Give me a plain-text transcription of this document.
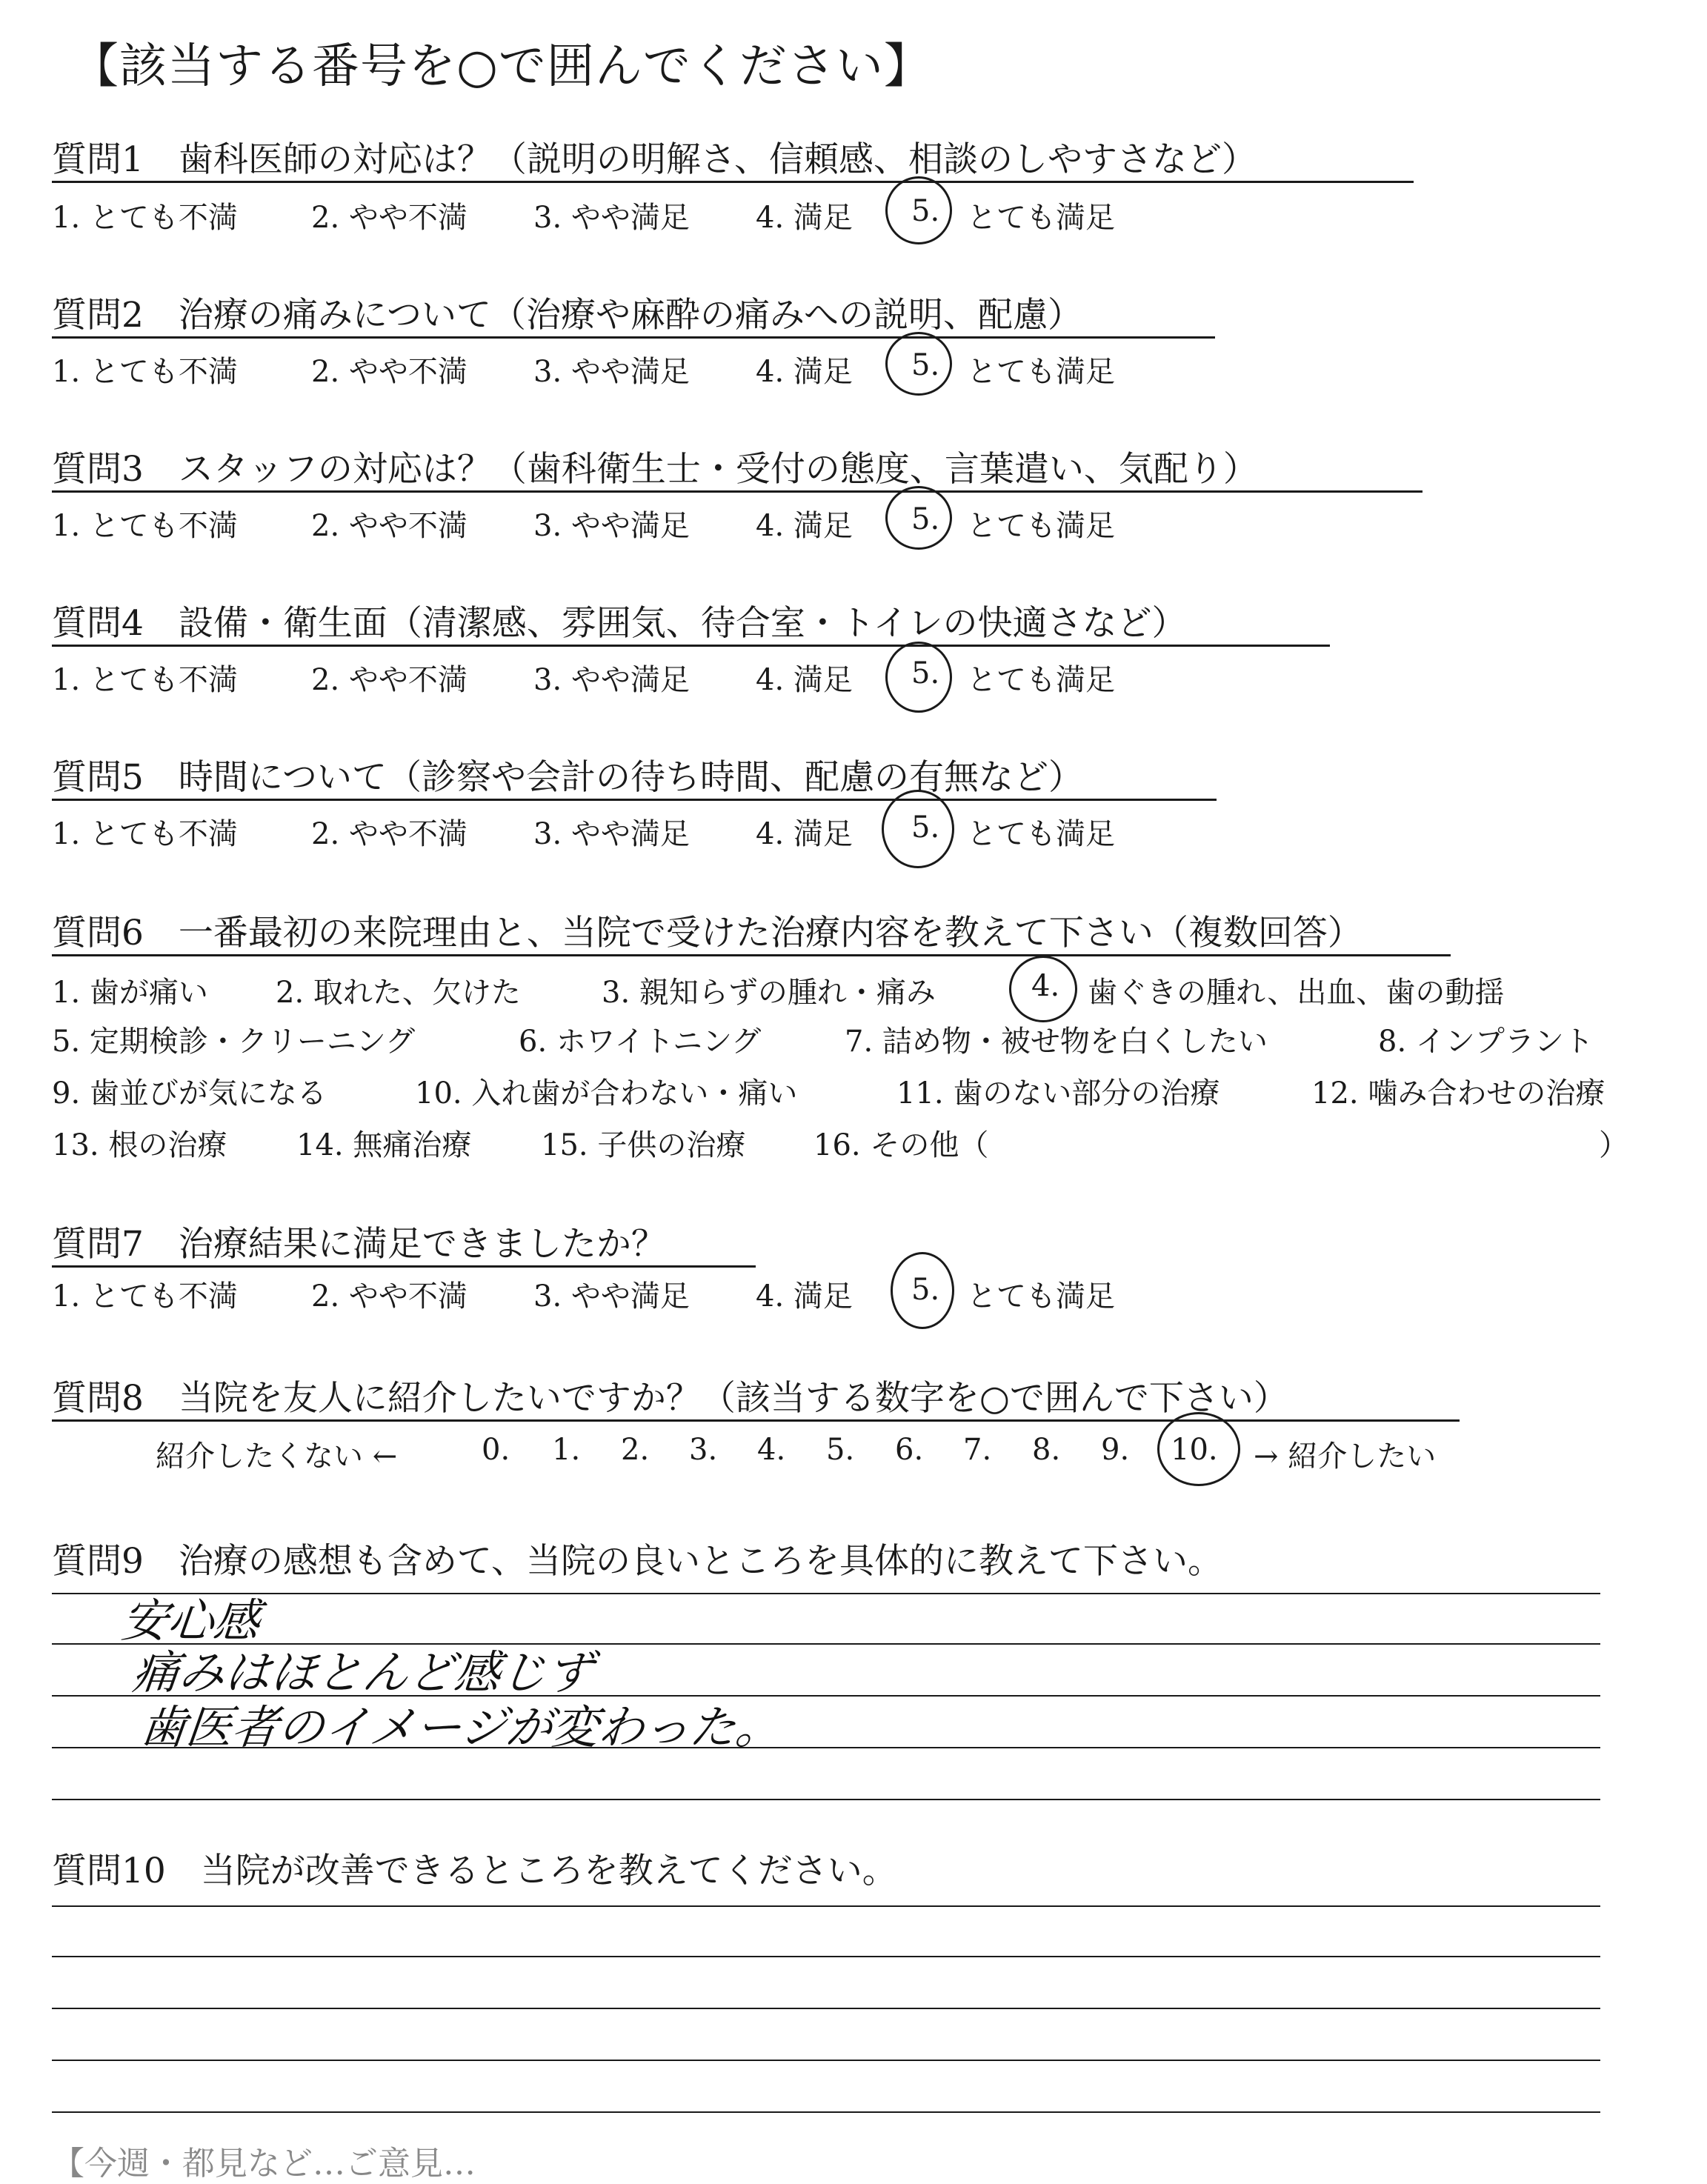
【該当する番号を○で囲んでください】
質問1　歯科医師の対応は？（説明の明解さ、信頼感、相談のしやすさなど）
1. とても不満 2. やや不満 3. やや満足 4. 満足 5. とても満足
質問2　治療の痛みについて（治療や麻酔の痛みへの説明、配慮）
1. とても不満 2. やや不満 3. やや満足 4. 満足 5. とても満足
質問3　スタッフの対応は？（歯科衛生士・受付の態度、言葉遣い、気配り）
1. とても不満 2. やや不満 3. やや満足 4. 満足 5. とても満足
質問4　設備・衛生面（清潔感、雰囲気、待合室・トイレの快適さなど）
1. とても不満 2. やや不満 3. やや満足 4. 満足 5. とても満足
質問5　時間について（診察や会計の待ち時間、配慮の有無など）
1. とても不満 2. やや不満 3. やや満足 4. 満足 5. とても満足
質問6　一番最初の来院理由と、当院で受けた治療内容を教えて下さい（複数回答）
1. 歯が痛い 2. 取れた、欠けた	3. 親知らずの腫れ・痛み	4. 歯ぐきの腫れ、出血、歯の動揺
5. 定期検診・クリーニング	6. ホワイトニング	7. 詰め物・被せ物を白くしたい	8. インプラント
9. 歯並びが気になる	10. 入れ歯が合わない・痛い	11. 歯のない部分の治療	12. 噛み合わせの治療
13. 根の治療 14. 無痛治療 15. 子供の治療 16. その他（	）
質問7　治療結果に満足できましたか？
1. とても不満 2. やや不満 3. やや満足 4. 満足 5. とても満足
質問8　当院を友人に紹介したいですか？（該当する数字を○で囲んで下さい）
紹介したくない ←	0. 1. 2. 3. 4. 5. 6. 7. 8. 9. 10. → 紹介したい
質問9　治療の感想も含めて、当院の良いところを具体的に教えて下さい。
安心感
痛みはほとんど感じず
歯医者のイメージが変わった。
質問10　当院が改善できるところを教えてください。
【今週・都見など…ご意見…
